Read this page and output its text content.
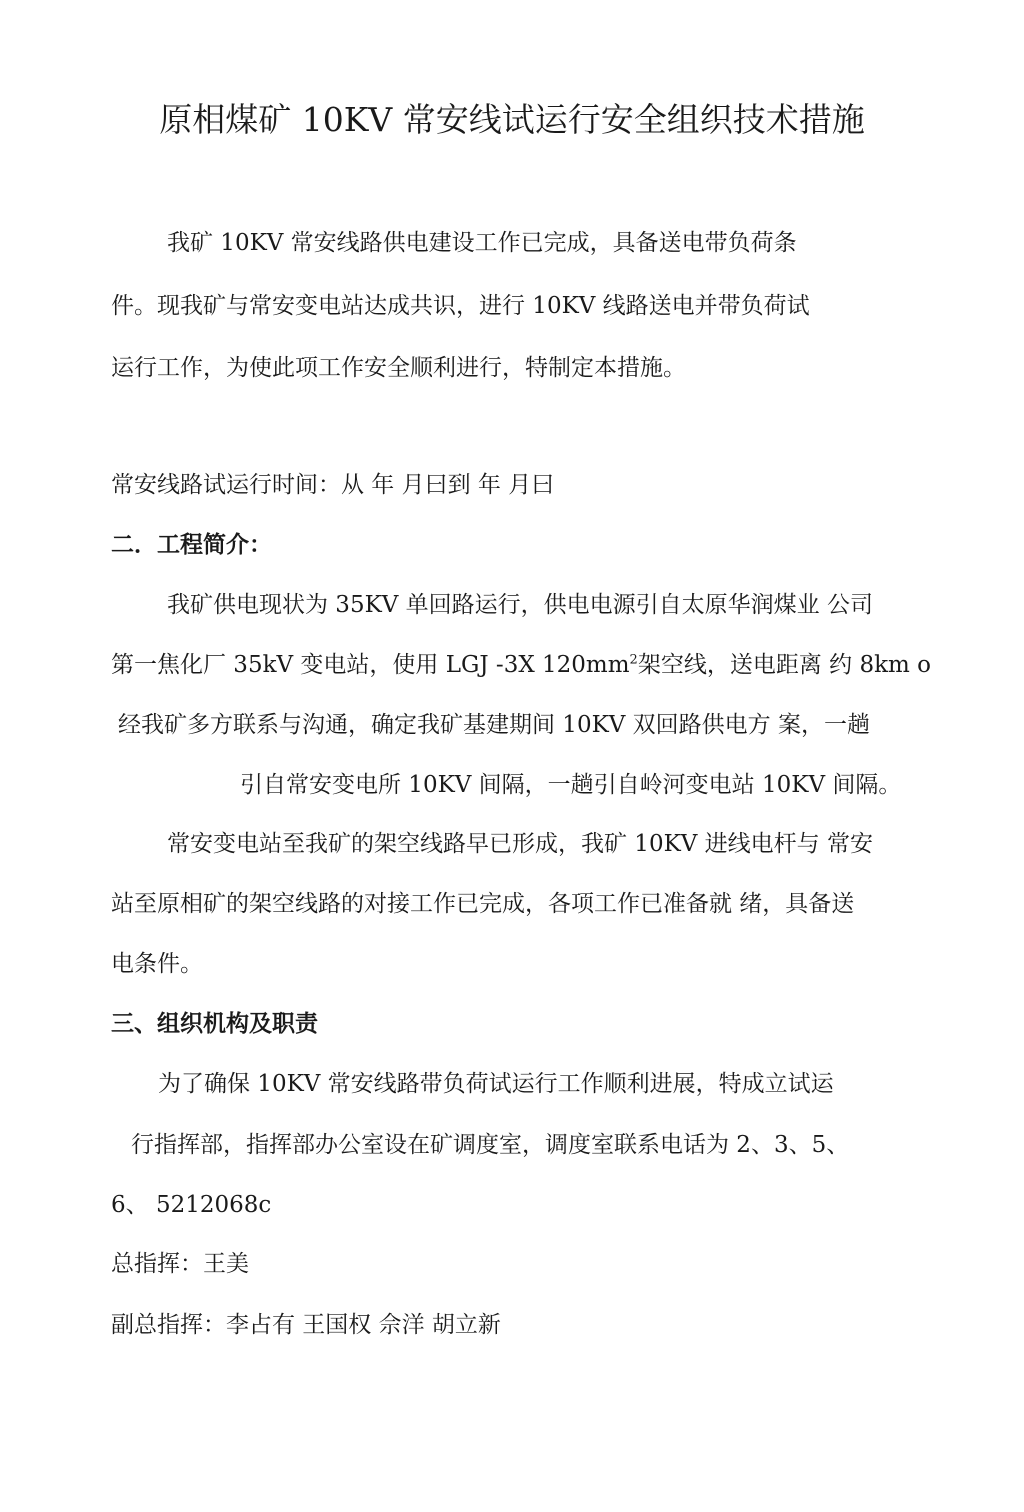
原相煤矿 10KV 常安线试运行安全组织技术措施
我矿 10KV 常安线路供电建设工作已完成，具备送电带负荷条
件。现我矿与常安变电站达成共识，进行 10KV 线路送电并带负荷试
运行工作，为使此项工作安全顺利进行，特制定本措施。
常安线路试运行时间：从 年 月曰到 年 月曰
二．工程简介：
我矿供电现状为 35KV 单回路运行，供电电源引自太原华润煤业 公司
第一焦化厂 35kV 变电站，使用 LGJ -3X $120mm^2$架空线，送电距离 约 8km o
经我矿多方联系与沟通，确定我矿基建期间 10KV 双回路供电方 案，一趟
引自常安变电所 10KV 间隔，一趟引自岭河变电站 10KV 间隔。
常安变电站至我矿的架空线路早已形成，我矿 10KV 进线电杆与 常安
站至原相矿的架空线路的对接工作已完成，各项工作已准备就 绪，具备送
电条件。
三、组织机构及职责
为了确保 10KV 常安线路带负荷试运行工作顺利进展，特成立试运
行指挥部，指挥部办公室设在矿调度室，调度室联系电话为 2、3、5、
6、 5212068c
总指挥：王美
副总指挥：李占有 王国权 佘洋 胡立新
